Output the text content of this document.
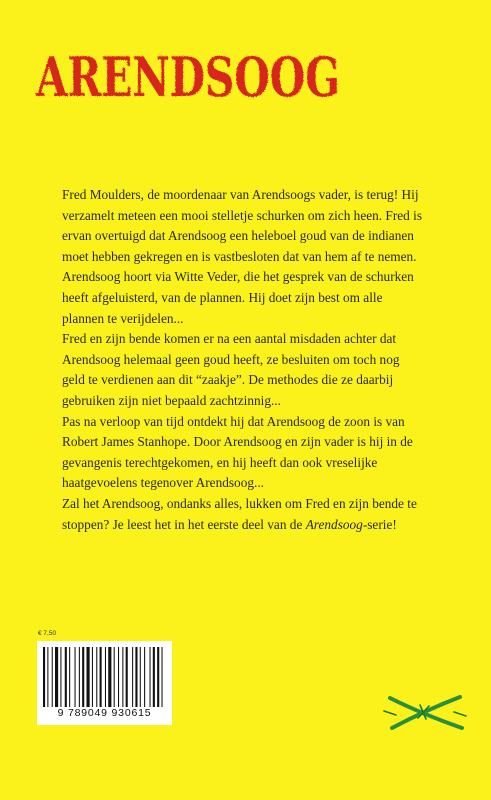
ARENDSOOG

Fred Moulders, de moordenaar van Arendsoogs vader, is terug! Hij verzamelt meteen een mooi stelletje schurken om zich heen. Fred is ervan overtuigd dat Arendsoog een heleboel goud van de indianen moet hebben gekregen en is vastbesloten dat van hem af te nemen. Arendsoog hoort via Witte Veder, die het gesprek van de schurken heeft afgeluisterd, van de plannen. Hij doet zijn best om alle plannen te verijdelen...

Fred en zijn bende komen er na een aantal misdaden achter dat Arendsoog helemaal geen goud heeft, ze besluiten om toch nog geld te verdienen aan dit “zaakje”. De methodes die ze daarbij gebruiken zijn niet bepaald zachtzinnig...

Pas na verloop van tijd ontdekt hij dat Arendsoog de zoon is van Robert James Stanhope. Door Arendsoog en zijn vader is hij in de gevangenis terechtgekomen, en hij heeft dan ook vreselijke haatgevoelens tegenover Arendsoog...

Zal het Arendsoog, ondanks alles, lukken om Fred en zijn bende te stoppen? Je leest het in het eerste deel van de Arendsoog-serie!

€ 7,50
9 789049 930615
